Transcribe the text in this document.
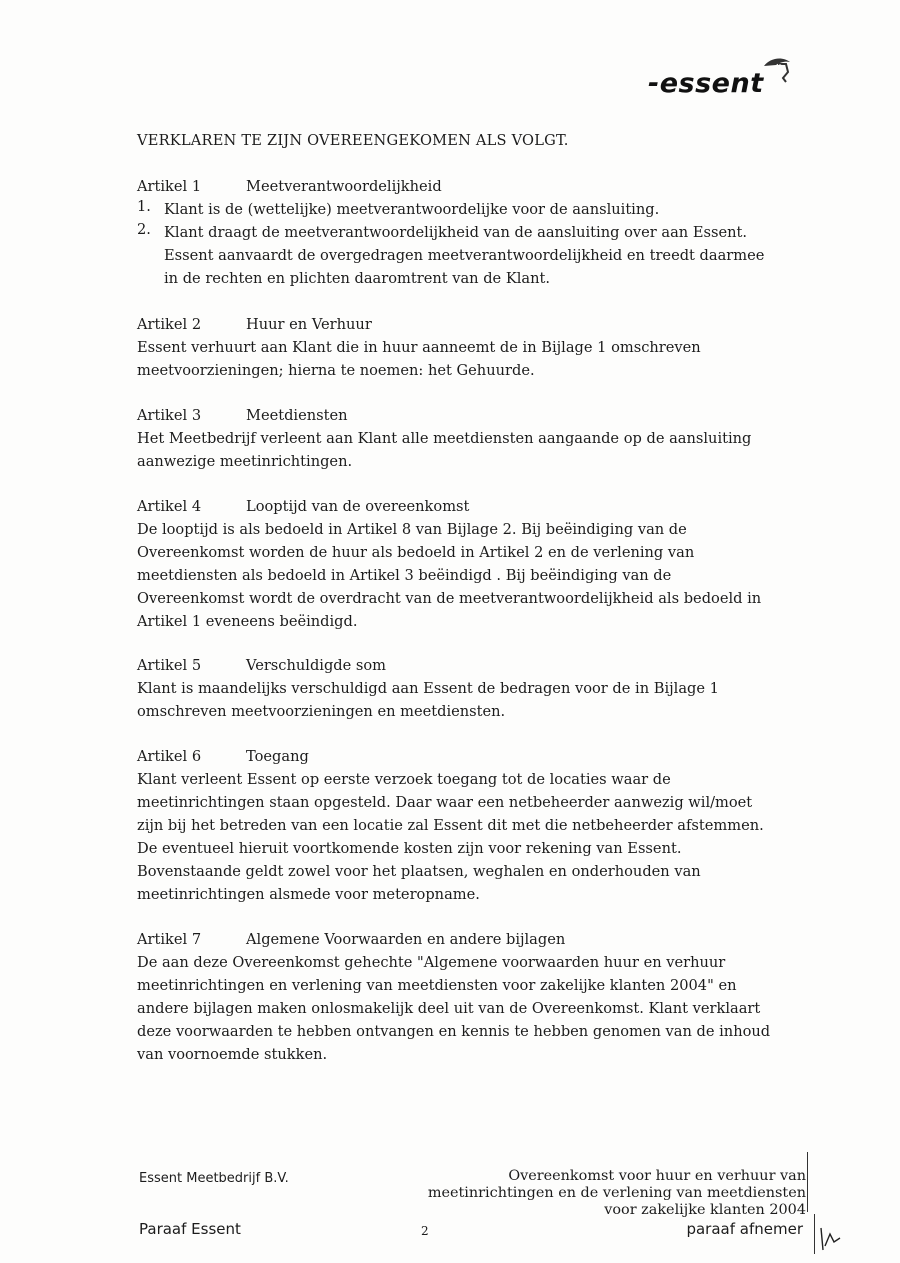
-essent
VERKLAREN TE ZIJN OVEREENGEKOMEN ALS VOLGT.
Artikel 1	Meetverantwoordelijkheid
1. Klant is de (wettelijke) meetverantwoordelijke voor de aansluiting.
2. Klant draagt de meetverantwoordelijkheid van de aansluiting over aan Essent.
Essent aanvaardt de overgedragen meetverantwoordelijkheid en treedt daarmee
in de rechten en plichten daaromtrent van de Klant.
Artikel 2	Huur en Verhuur
Essent verhuurt aan Klant die in huur aanneemt de in Bijlage 1 omschreven
meetvoorzieningen; hierna te noemen: het Gehuurde.
Artikel 3	Meetdiensten
Het Meetbedrijf verleent aan Klant alle meetdiensten aangaande op de aansluiting
aanwezige meetinrichtingen.
Artikel 4	Looptijd van de overeenkomst
De looptijd is als bedoeld in Artikel 8 van Bijlage 2. Bij beëindiging van de
Overeenkomst worden de huur als bedoeld in Artikel 2 en de verlening van
meetdiensten als bedoeld in Artikel 3 beëindigd . Bij beëindiging van de
Overeenkomst wordt de overdracht van de meetverantwoordelijkheid als bedoeld in
Artikel 1 eveneens beëindigd.
Artikel 5	Verschuldigde som
Klant is maandelijks verschuldigd aan Essent de bedragen voor de in Bijlage 1
omschreven meetvoorzieningen en meetdiensten.
Artikel 6	Toegang
Klant verleent Essent op eerste verzoek toegang tot de locaties waar de
meetinrichtingen staan opgesteld. Daar waar een netbeheerder aanwezig wil/moet
zijn bij het betreden van een locatie zal Essent dit met die netbeheerder afstemmen.
De eventueel hieruit voortkomende kosten zijn voor rekening van Essent.
Bovenstaande geldt zowel voor het plaatsen, weghalen en onderhouden van
meetinrichtingen alsmede voor meteropname.
Artikel 7	Algemene Voorwaarden en andere bijlagen
De aan deze Overeenkomst gehechte "Algemene voorwaarden huur en verhuur
meetinrichtingen en verlening van meetdiensten voor zakelijke klanten 2004" en
andere bijlagen maken onlosmakelijk deel uit van de Overeenkomst. Klant verklaart
deze voorwaarden te hebben ontvangen en kennis te hebben genomen van de inhoud
van voornoemde stukken.
Essent Meetbedrijf B.V.
Paraaf Essent	2
Overeenkomst voor huur en verhuur van
meetinrichtingen en de verlening van meetdiensten
voor zakelijke klanten 2004
paraaf afnemer
